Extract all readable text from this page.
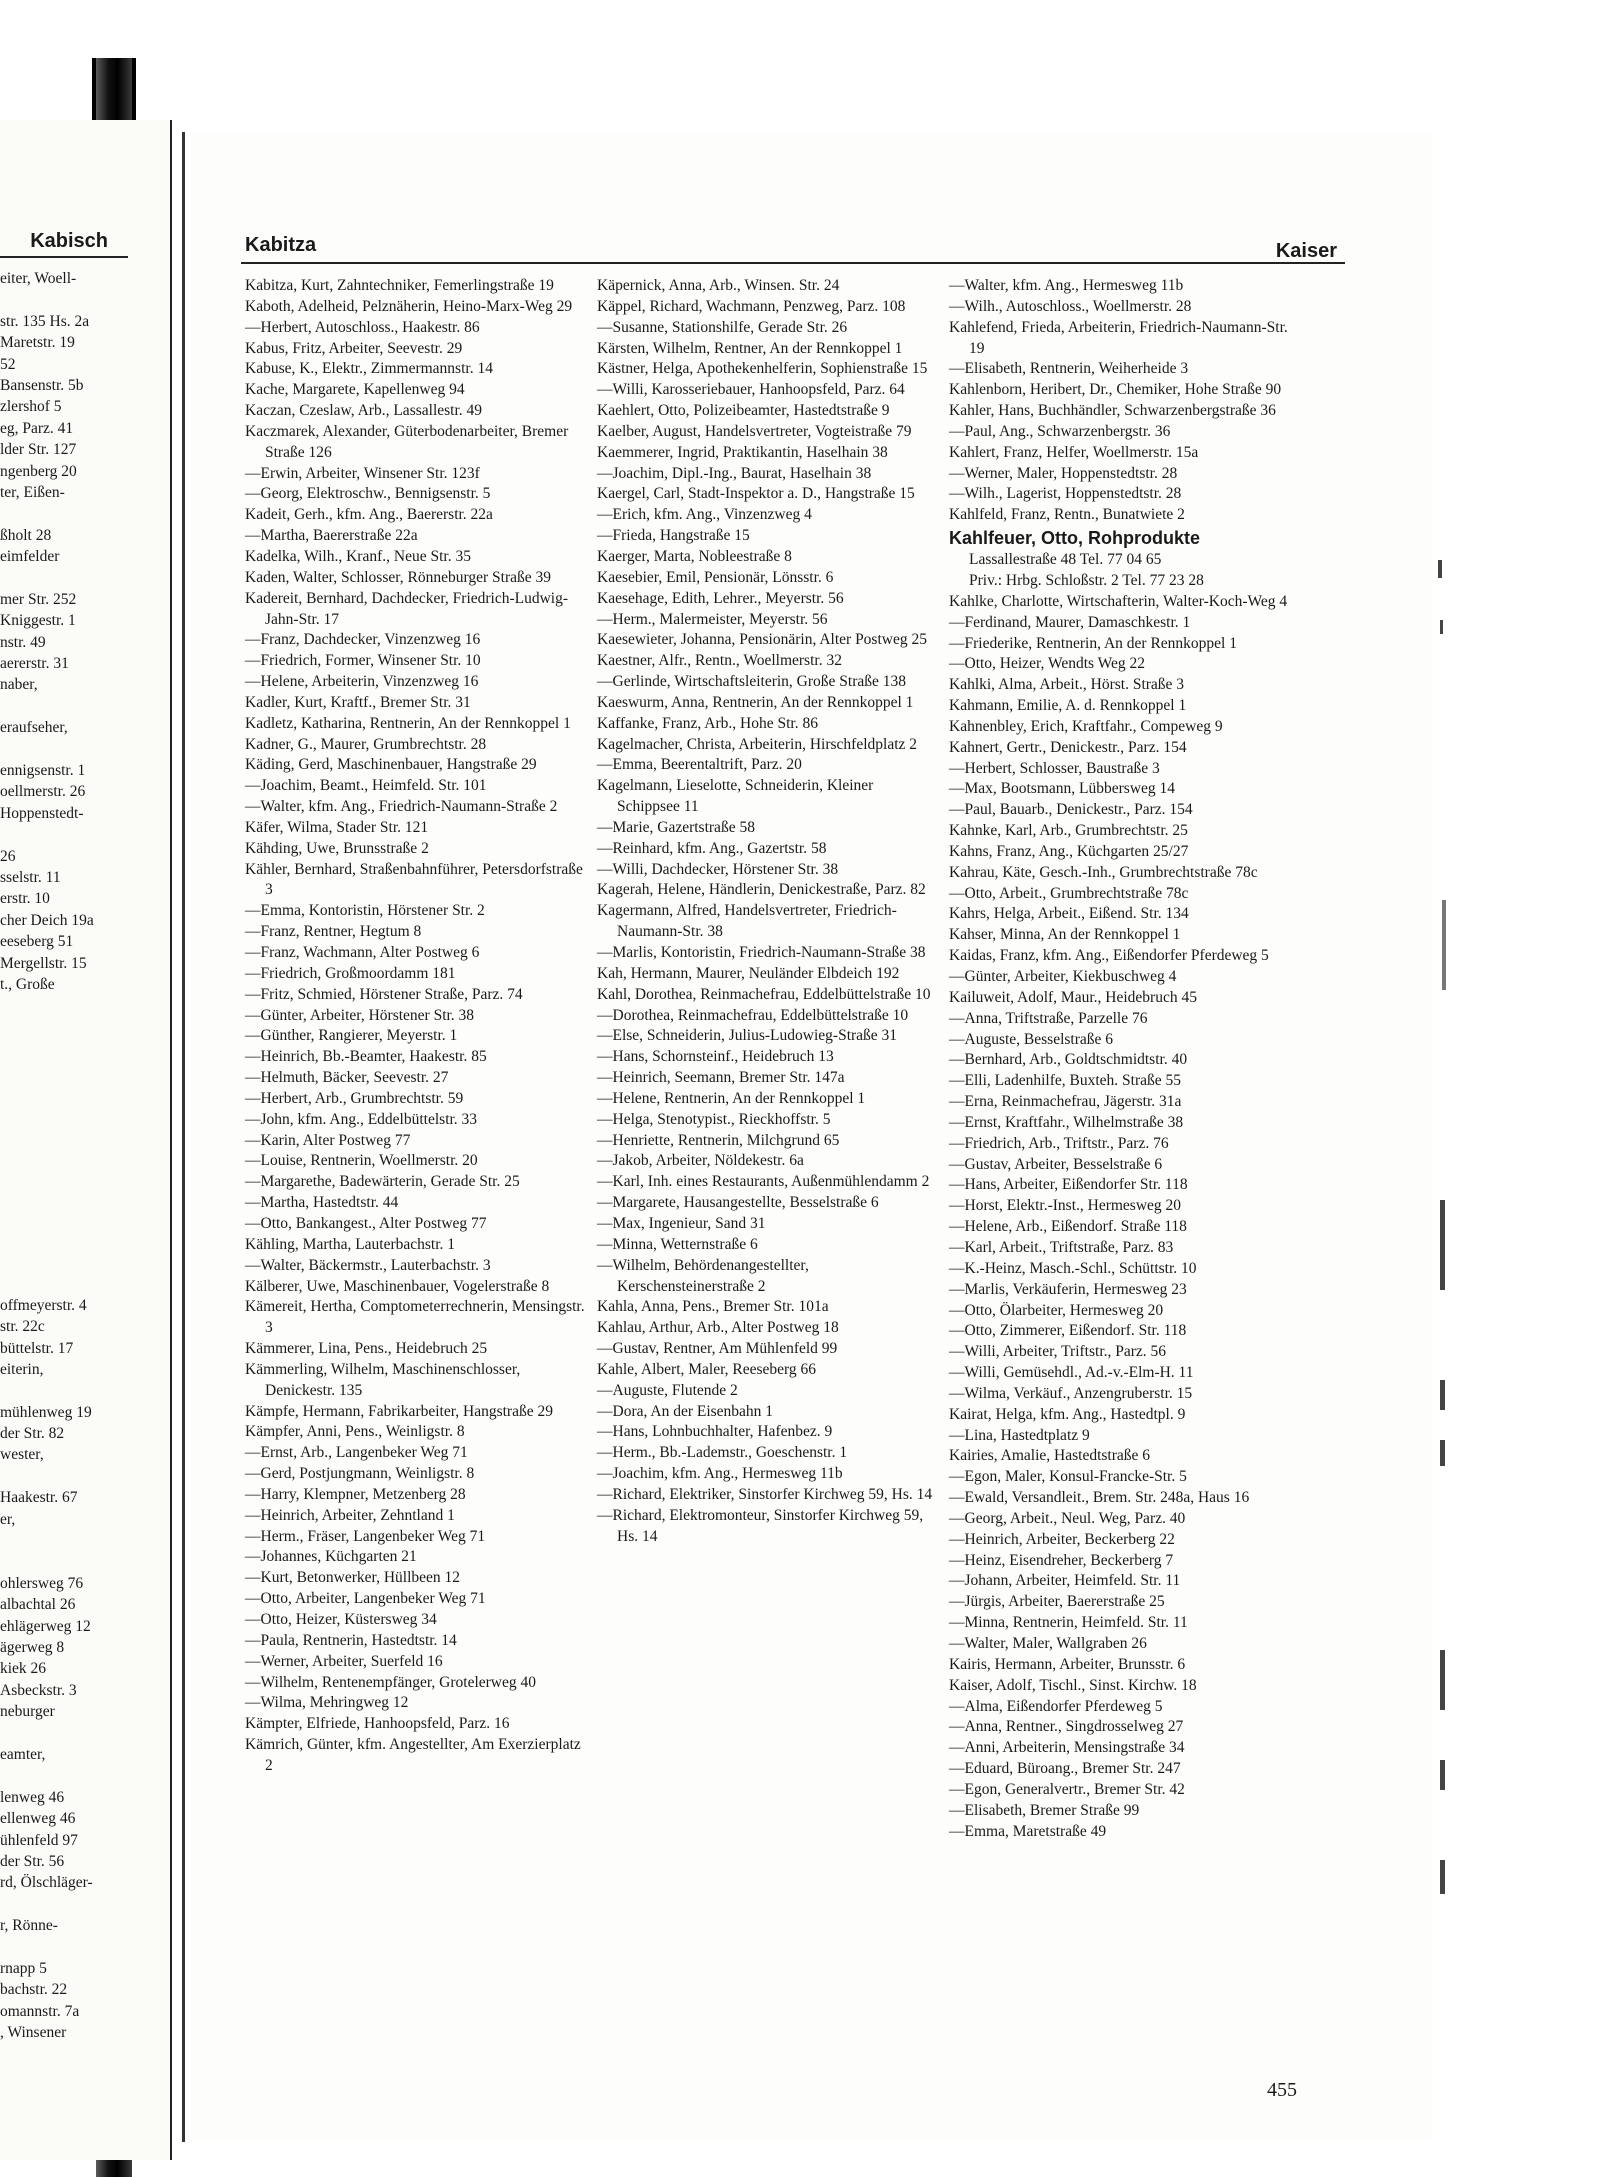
Kabisch
eiter, Woell-
str. 135 Hs. 2a
Maretstr. 19
52
Bansenstr. 5b
zlershof 5
eg, Parz. 41
lder Str. 127
ngenberg 20
ter, Eißen-
ßholt 28
eimfelder
mer Str. 252
Kniggestr. 1
nstr. 49
aererstr. 31
naber,
eraufseher,
ennigsenstr. 1
oellmerstr. 26
Hoppenstedt-
26
sselstr. 11
erstr. 10
cher Deich 19a
eeseberg 51
Mergellstr. 15
t., Große
offmeyerstr. 4
str. 22c
büttelstr. 17
eiterin,
mühlenweg 19
der Str. 82
wester,
Haakestr. 67
er,
ohlersweg 76
albachtal 26
ehlägerweg 12
ägerweg 8
kiek 26
Asbeckstr. 3
neburger
eamter,
lenweg 46
ellenweg 46
ühlenfeld 97
der Str. 56
rd, Ölschläger-
r, Rönne-
rnapp 5
bachstr. 22
omannstr. 7a
, Winsener
Kabitza	Kaiser
Kabitza, Kurt, Zahntechniker, Femerlingstraße 19
Kaboth, Adelheid, Pelznäherin, Heino-Marx-Weg 29
—Herbert, Autoschloss., Haakestr. 86
Kabus, Fritz, Arbeiter, Seevestr. 29
Kabuse, K., Elektr., Zimmermannstr. 14
Kache, Margarete, Kapellenweg 94
Kaczan, Czeslaw, Arb., Lassallestr. 49
Kaczmarek, Alexander, Güterbodenarbeiter, Bremer Straße 126
—Erwin, Arbeiter, Winsener Str. 123f
—Georg, Elektroschw., Bennigsenstr. 5
Kadeit, Gerh., kfm. Ang., Baererstr. 22a
—Martha, Baererstraße 22a
Kadelka, Wilh., Kranf., Neue Str. 35
Kaden, Walter, Schlosser, Rönneburger Straße 39
Kadereit, Bernhard, Dachdecker, Friedrich-Ludwig-Jahn-Str. 17
—Franz, Dachdecker, Vinzenzweg 16
—Friedrich, Former, Winsener Str. 10
—Helene, Arbeiterin, Vinzenzweg 16
Kadler, Kurt, Kraftf., Bremer Str. 31
Kadletz, Katharina, Rentnerin, An der Rennkoppel 1
Kadner, G., Maurer, Grumbrechtstr. 28
Käding, Gerd, Maschinenbauer, Hangstraße 29
—Joachim, Beamt., Heimfeld. Str. 101
—Walter, kfm. Ang., Friedrich-Naumann-Straße 2
Käfer, Wilma, Stader Str. 121
Kähding, Uwe, Brunsstraße 2
Kähler, Bernhard, Straßenbahnführer, Petersdorfstraße 3
—Emma, Kontoristin, Hörstener Str. 2
—Franz, Rentner, Hegtum 8
—Franz, Wachmann, Alter Postweg 6
—Friedrich, Großmoordamm 181
—Fritz, Schmied, Hörstener Straße, Parz. 74
—Günter, Arbeiter, Hörstener Str. 38
—Günther, Rangierer, Meyerstr. 1
—Heinrich, Bb.-Beamter, Haakestr. 85
—Helmuth, Bäcker, Seevestr. 27
—Herbert, Arb., Grumbrechtstr. 59
—John, kfm. Ang., Eddelbüttelstr. 33
—Karin, Alter Postweg 77
—Louise, Rentnerin, Woellmerstr. 20
—Margarethe, Badewärterin, Gerade Str. 25
—Martha, Hastedtstr. 44
—Otto, Bankangest., Alter Postweg 77
Kähling, Martha, Lauterbachstr. 1
—Walter, Bäckermstr., Lauterbachstr. 3
Kälberer, Uwe, Maschinenbauer, Vogelerstraße 8
Kämereit, Hertha, Comptometerrechnerin, Mensingstr. 3
Kämmerer, Lina, Pens., Heidebruch 25
Kämmerling, Wilhelm, Maschinenschlosser, Denickestr. 135
Kämpfe, Hermann, Fabrikarbeiter, Hangstraße 29
Kämpfer, Anni, Pens., Weinligstr. 8
—Ernst, Arb., Langenbeker Weg 71
—Gerd, Postjungmann, Weinligstr. 8
—Harry, Klempner, Metzenberg 28
—Heinrich, Arbeiter, Zehntland 1
—Herm., Fräser, Langenbeker Weg 71
—Johannes, Küchgarten 21
—Kurt, Betonwerker, Hüllbeen 12
—Otto, Arbeiter, Langenbeker Weg 71
—Otto, Heizer, Küstersweg 34
—Paula, Rentnerin, Hastedtstr. 14
—Werner, Arbeiter, Suerfeld 16
—Wilhelm, Rentenempfänger, Grotelerweg 40
—Wilma, Mehringweg 12
Kämpter, Elfriede, Hanhoopsfeld, Parz. 16
Kämrich, Günter, kfm. Angestellter, Am Exerzierplatz 2
Käpernick, Anna, Arb., Winsen. Str. 24
Käppel, Richard, Wachmann, Penzweg, Parz. 108
—Susanne, Stationshilfe, Gerade Str. 26
Kärsten, Wilhelm, Rentner, An der Rennkoppel 1
Kästner, Helga, Apothekenhelferin, Sophienstraße 15
—Willi, Karosseriebauer, Hanhoopsfeld, Parz. 64
Kaehlert, Otto, Polizeibeamter, Hastedtstraße 9
Kaelber, August, Handelsvertreter, Vogteistraße 79
Kaemmerer, Ingrid, Praktikantin, Haselhain 38
—Joachim, Dipl.-Ing., Baurat, Haselhain 38
Kaergel, Carl, Stadt-Inspektor a. D., Hangstraße 15
—Erich, kfm. Ang., Vinzenzweg 4
—Frieda, Hangstraße 15
Kaerger, Marta, Nobleestraße 8
Kaesebier, Emil, Pensionär, Lönsstr. 6
Kaesehage, Edith, Lehrer., Meyerstr. 56
—Herm., Malermeister, Meyerstr. 56
Kaesewieter, Johanna, Pensionärin, Alter Postweg 25
Kaestner, Alfr., Rentn., Woellmerstr. 32
—Gerlinde, Wirtschaftsleiterin, Große Straße 138
Kaeswurm, Anna, Rentnerin, An der Rennkoppel 1
Kaffanke, Franz, Arb., Hohe Str. 86
Kagelmacher, Christa, Arbeiterin, Hirschfeldplatz 2
—Emma, Beerentaltrift, Parz. 20
Kagelmann, Lieselotte, Schneiderin, Kleiner Schippsee 11
—Marie, Gazertstraße 58
—Reinhard, kfm. Ang., Gazertstr. 58
—Willi, Dachdecker, Hörstener Str. 38
Kagerah, Helene, Händlerin, Denickestraße, Parz. 82
Kagermann, Alfred, Handelsvertreter, Friedrich-Naumann-Str. 38
—Marlis, Kontoristin, Friedrich-Naumann-Straße 38
Kah, Hermann, Maurer, Neuländer Elbdeich 192
Kahl, Dorothea, Reinmachefrau, Eddelbüttelstraße 10
—Dorothea, Reinmachefrau, Eddelbüttelstraße 10
—Else, Schneiderin, Julius-Ludowieg-Straße 31
—Hans, Schornsteinf., Heidebruch 13
—Heinrich, Seemann, Bremer Str. 147a
—Helene, Rentnerin, An der Rennkoppel 1
—Helga, Stenotypist., Rieckhoffstr. 5
—Henriette, Rentnerin, Milchgrund 65
—Jakob, Arbeiter, Nöldekestr. 6a
—Karl, Inh. eines Restaurants, Außenmühlendamm 2
—Margarete, Hausangestellte, Besselstraße 6
—Max, Ingenieur, Sand 31
—Minna, Wetternstraße 6
—Wilhelm, Behördenangestellter, Kerschensteinerstraße 2
Kahla, Anna, Pens., Bremer Str. 101a
Kahlau, Arthur, Arb., Alter Postweg 18
—Gustav, Rentner, Am Mühlenfeld 99
Kahle, Albert, Maler, Reeseberg 66
—Auguste, Flutende 2
—Dora, An der Eisenbahn 1
—Hans, Lohnbuchhalter, Hafenbez. 9
—Herm., Bb.-Lademstr., Goeschenstr. 1
—Joachim, kfm. Ang., Hermesweg 11b
—Richard, Elektriker, Sinstorfer Kirchweg 59, Hs. 14
—Richard, Elektromonteur, Sinstorfer Kirchweg 59, Hs. 14
—Walter, kfm. Ang., Hermesweg 11b
—Wilh., Autoschloss., Woellmerstr. 28
Kahlefend, Frieda, Arbeiterin, Friedrich-Naumann-Str. 19
—Elisabeth, Rentnerin, Weiherheide 3
Kahlenborn, Heribert, Dr., Chemiker, Hohe Straße 90
Kahler, Hans, Buchhändler, Schwarzenbergstraße 36
—Paul, Ang., Schwarzenbergstr. 36
Kahlert, Franz, Helfer, Woellmerstr. 15a
—Werner, Maler, Hoppenstedtstr. 28
—Wilh., Lagerist, Hoppenstedtstr. 28
Kahlfeld, Franz, Rentn., Bunatwiete 2
Kahlfeuer, Otto, Rohprodukte
Lassallestraße 48 Tel. 77 04 65
Priv.: Hrbg. Schloßstr. 2 Tel. 77 23 28
Kahlke, Charlotte, Wirtschafterin, Walter-Koch-Weg 4
—Ferdinand, Maurer, Damaschkestr. 1
—Friederike, Rentnerin, An der Rennkoppel 1
—Otto, Heizer, Wendts Weg 22
Kahlki, Alma, Arbeit., Hörst. Straße 3
Kahmann, Emilie, A. d. Rennkoppel 1
Kahnenbley, Erich, Kraftfahr., Compeweg 9
Kahnert, Gertr., Denickestr., Parz. 154
—Herbert, Schlosser, Baustraße 3
—Max, Bootsmann, Lübbersweg 14
—Paul, Bauarb., Denickestr., Parz. 154
Kahnke, Karl, Arb., Grumbrechtstr. 25
Kahns, Franz, Ang., Küchgarten 25/27
Kahrau, Käte, Gesch.-Inh., Grumbrechtstraße 78c
—Otto, Arbeit., Grumbrechtstraße 78c
Kahrs, Helga, Arbeit., Eißend. Str. 134
Kahser, Minna, An der Rennkoppel 1
Kaidas, Franz, kfm. Ang., Eißendorfer Pferdeweg 5
—Günter, Arbeiter, Kiekbuschweg 4
Kailuweit, Adolf, Maur., Heidebruch 45
—Anna, Triftstraße, Parzelle 76
—Auguste, Besselstraße 6
—Bernhard, Arb., Goldtschmidtstr. 40
—Elli, Ladenhilfe, Buxteh. Straße 55
—Erna, Reinmachefrau, Jägerstr. 31a
—Ernst, Kraftfahr., Wilhelmstraße 38
—Friedrich, Arb., Triftstr., Parz. 76
—Gustav, Arbeiter, Besselstraße 6
—Hans, Arbeiter, Eißendorfer Str. 118
—Horst, Elektr.-Inst., Hermesweg 20
—Helene, Arb., Eißendorf. Straße 118
—Karl, Arbeit., Triftstraße, Parz. 83
—K.-Heinz, Masch.-Schl., Schüttstr. 10
—Marlis, Verkäuferin, Hermesweg 23
—Otto, Ölarbeiter, Hermesweg 20
—Otto, Zimmerer, Eißendorf. Str. 118
—Willi, Arbeiter, Triftstr., Parz. 56
—Willi, Gemüsehdl., Ad.-v.-Elm-H. 11
—Wilma, Verkäuf., Anzengruberstr. 15
Kairat, Helga, kfm. Ang., Hastedtpl. 9
—Lina, Hastedtplatz 9
Kairies, Amalie, Hastedtstraße 6
—Egon, Maler, Konsul-Francke-Str. 5
—Ewald, Versandleit., Brem. Str. 248a, Haus 16
—Georg, Arbeit., Neul. Weg, Parz. 40
—Heinrich, Arbeiter, Beckerberg 22
—Heinz, Eisendreher, Beckerberg 7
—Johann, Arbeiter, Heimfeld. Str. 11
—Jürgis, Arbeiter, Baererstraße 25
—Minna, Rentnerin, Heimfeld. Str. 11
—Walter, Maler, Wallgraben 26
Kairis, Hermann, Arbeiter, Brunsstr. 6
Kaiser, Adolf, Tischl., Sinst. Kirchw. 18
—Alma, Eißendorfer Pferdeweg 5
—Anna, Rentner., Singdrosselweg 27
—Anni, Arbeiterin, Mensingstraße 34
—Eduard, Büroang., Bremer Str. 247
—Egon, Generalvertr., Bremer Str. 42
—Elisabeth, Bremer Straße 99
—Emma, Maretstraße 49
455
